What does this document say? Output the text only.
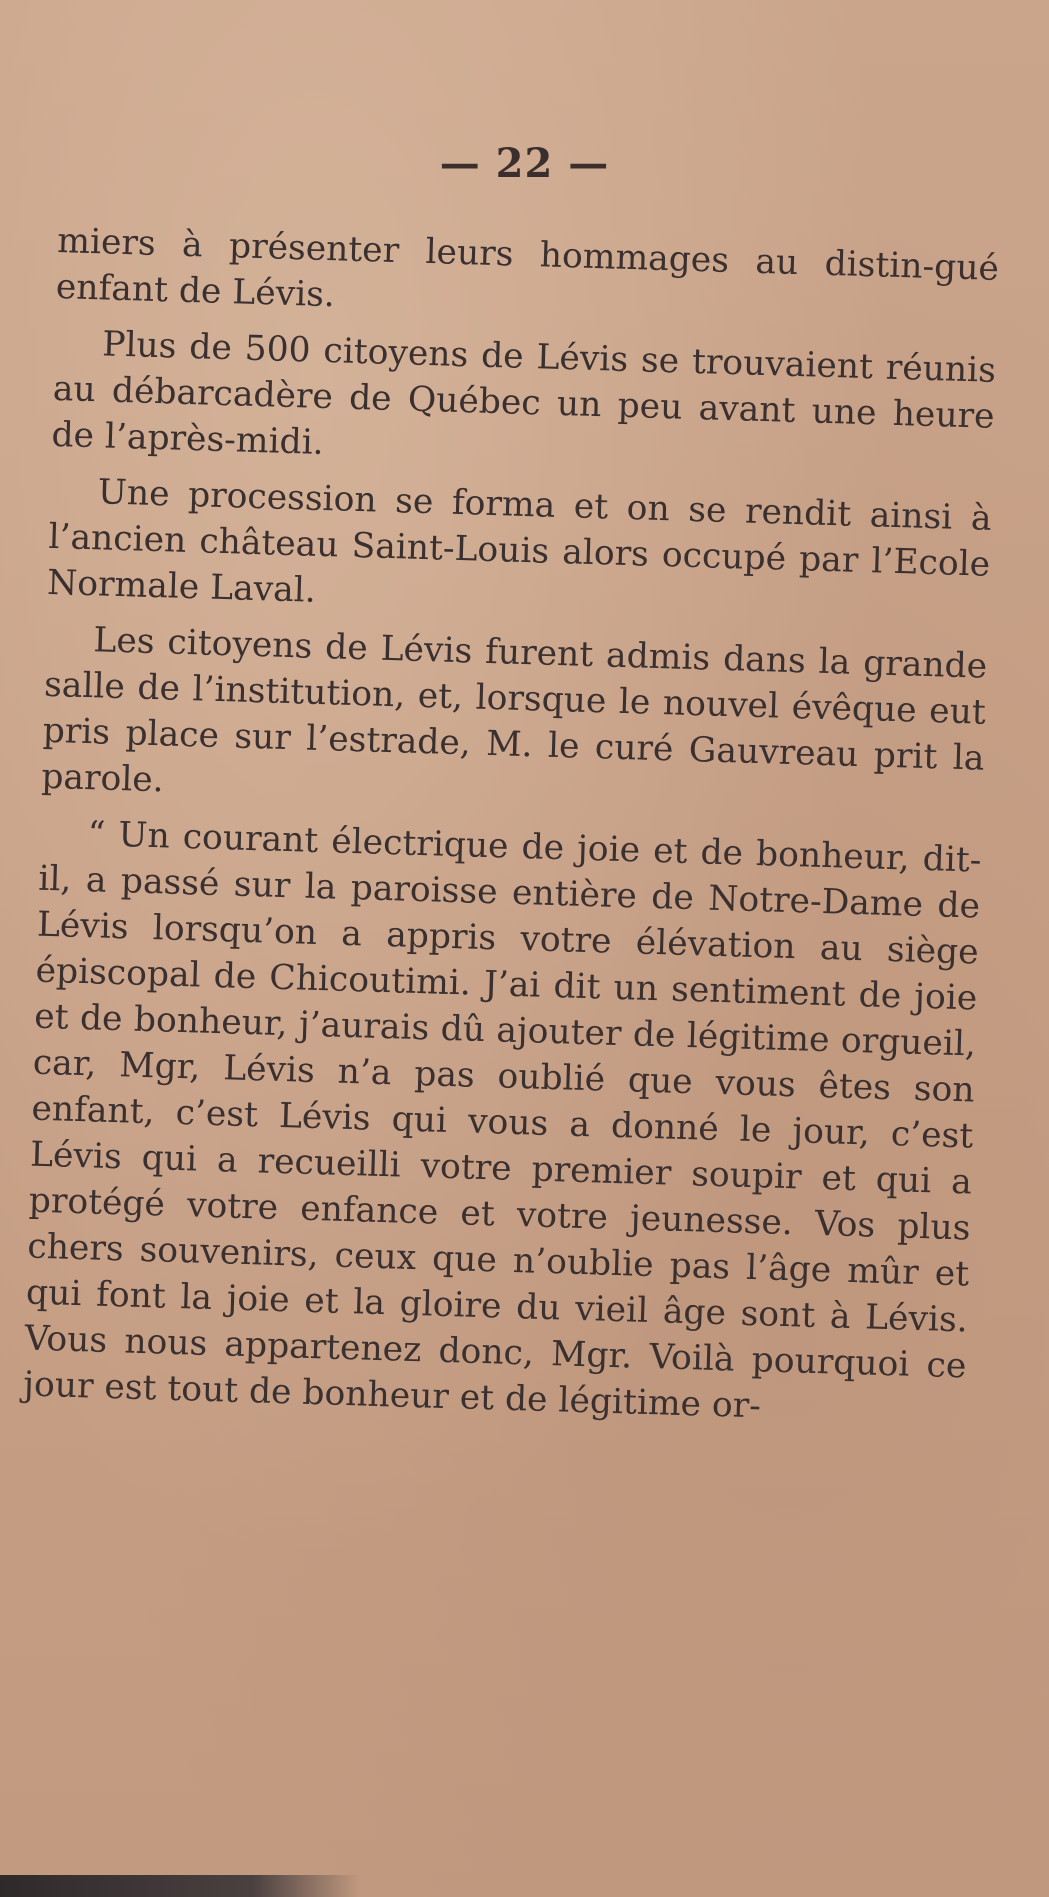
— 22 —

miers à présenter leurs hommages au distin-gué enfant de Lévis.

Plus de 500 citoyens de Lévis se trouvaient réunis au débarcadère de Québec un peu avant une heure de l’après-midi.

Une procession se forma et on se rendit ainsi à l’ancien château Saint-Louis alors occupé par l’Ecole Normale Laval.

Les citoyens de Lévis furent admis dans la grande salle de l’institution, et, lorsque le nouvel évêque eut pris place sur l’estrade, M. le curé Gauvreau prit la parole.

“ Un courant électrique de joie et de bonheur, dit-il, a passé sur la paroisse entière de Notre-Dame de Lévis lorsqu’on a appris votre élévation au siège épiscopal de Chicoutimi. J’ai dit un sentiment de joie et de bonheur, j’aurais dû ajouter de légitime orgueil, car, Mgr, Lévis n’a pas oublié que vous êtes son enfant, c’est Lévis qui vous a donné le jour, c’est Lévis qui a recueilli votre premier soupir et qui a protégé votre enfance et votre jeunesse. Vos plus chers souvenirs, ceux que n’oublie pas l’âge mûr et qui font la joie et la gloire du vieil âge sont à Lévis. Vous nous appartenez donc, Mgr. Voilà pourquoi ce jour est tout de bonheur et de légitime or-
